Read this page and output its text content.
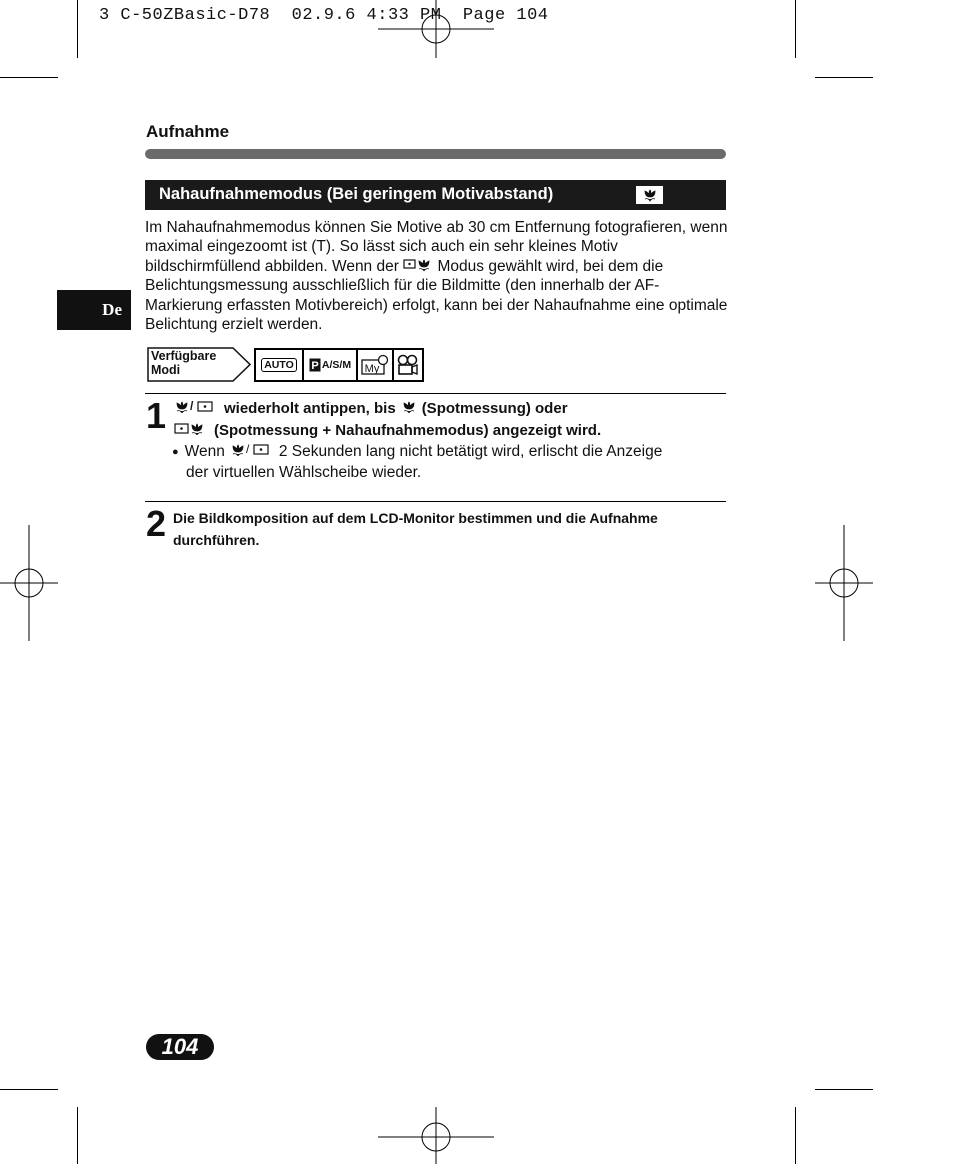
3 C-50ZBasic-D78  02.9.6 4:33 PM  Page 104
Aufnahme
Nahaufnahmemodus (Bei geringem Motivabstand)
Im Nahaufnahmemodus können Sie Motive ab 30 cm Entfernung fotografieren, wenn maximal eingezoomt ist (T). So lässt sich auch ein sehr kleines Motiv bildschirmfüllend abbilden. Wenn der  Modus gewählt wird, bei dem die Belichtungsmessung ausschließlich für die Bildmitte (den innerhalb der AF-Markierung erfassten Motivbereich) erfolgt, kann bei der Nahaufnahme eine optimale Belichtung erzielt werden.
De
Verfügbare
Modi	AUTO P A/S/M My
1 / wiederholt antippen, bis (Spotmessung) oder
(Spotmessung + Nahaufnahmemodus) angezeigt wird.
● Wenn / 2 Sekunden lang nicht betätigt wird, erlischt die Anzeige
der virtuellen Wählscheibe wieder.
2 Die Bildkomposition auf dem LCD-Monitor bestimmen und die Aufnahme durchführen.
104
